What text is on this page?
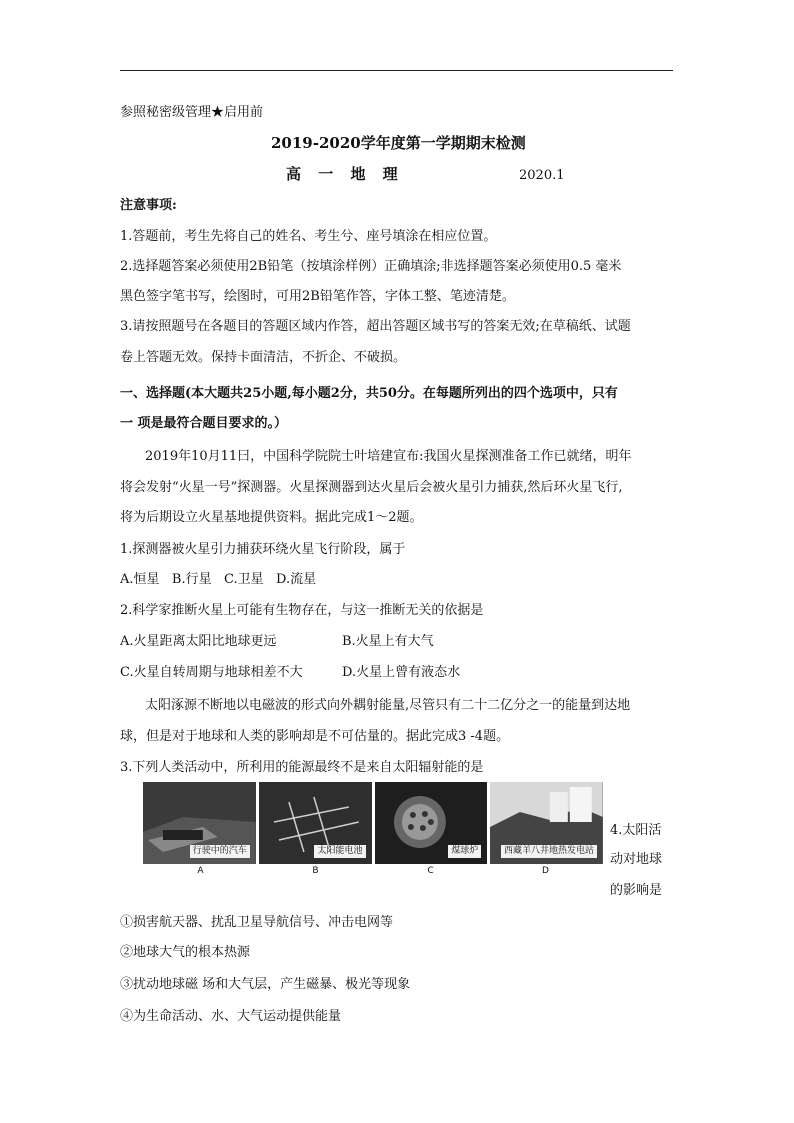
参照秘密级管理★启用前
2019-2020学年度第一学期期末检测
高 一 地 理	2020.1
注意事项:
1.答题前，考生先将自己的姓名、考生兮、座号填涂在相应位置。
2.选择题答案必须使用2B铅笔（按填涂样例）正确填涂;非选择题答案必须使用0.5 毫米
黑色签字笔书写，绘图时，可用2B铅笔作答，字体工整、笔迹清楚。
3.请按照题号在各题目的答题区域内作答，超出答题区域书写的答案无效;在草稿纸、试题
卷上答题无效。保持卡面清洁，不折企、不破损。
一、选择题(本大题共25小题,每小题2分，共50分。在每题所列出的四个选项中，只有
一 项是最符合题目要求的。）
2019年10月11曰，中国科学院院士叶培建宣布:我国火星探测准备工作已就绪，明年
将会发射“火星一号”探测器。火星探测器到达火星后会被火星引力捕获,然后环火星飞行,
将为后期设立火星基地提供资料。据此完成1～2题。
1.探测器被火星引力捕获环绕火星飞行阶段，属于
A.恒星   B.行星   C.卫星   D.流星
2.科学家推断火星上可能有生物存在，与这一推断无关的依据是
A.火星距离太阳比地球更远	B.火星上有大气
C.火星自转周期与地球相差不大	D.火星上曾有液态水
太阳涿源不断地以电磁波的形式向外耦射能量,尽管只有二十二亿分之一的能量到达地
球，但是对于地球和人类的影响却是不可估量的。据此完成3 -4题。
3.下列人类活动中，所利用的能源最终不是来自太阳辐射能的是
行驶中的汽车	太阳能电池	煤球炉	西藏羊八井地热发电站
A	B	C	D
4.太阳活
动对地球
的影响是
①损害航天器、扰乱卫星导航信号、冲击电网等
②地球大气的根本热源
③扰动地球磁 场和大气层，产生磁暴、极光等现象
④为生命活动、水、大气运动提供能量
